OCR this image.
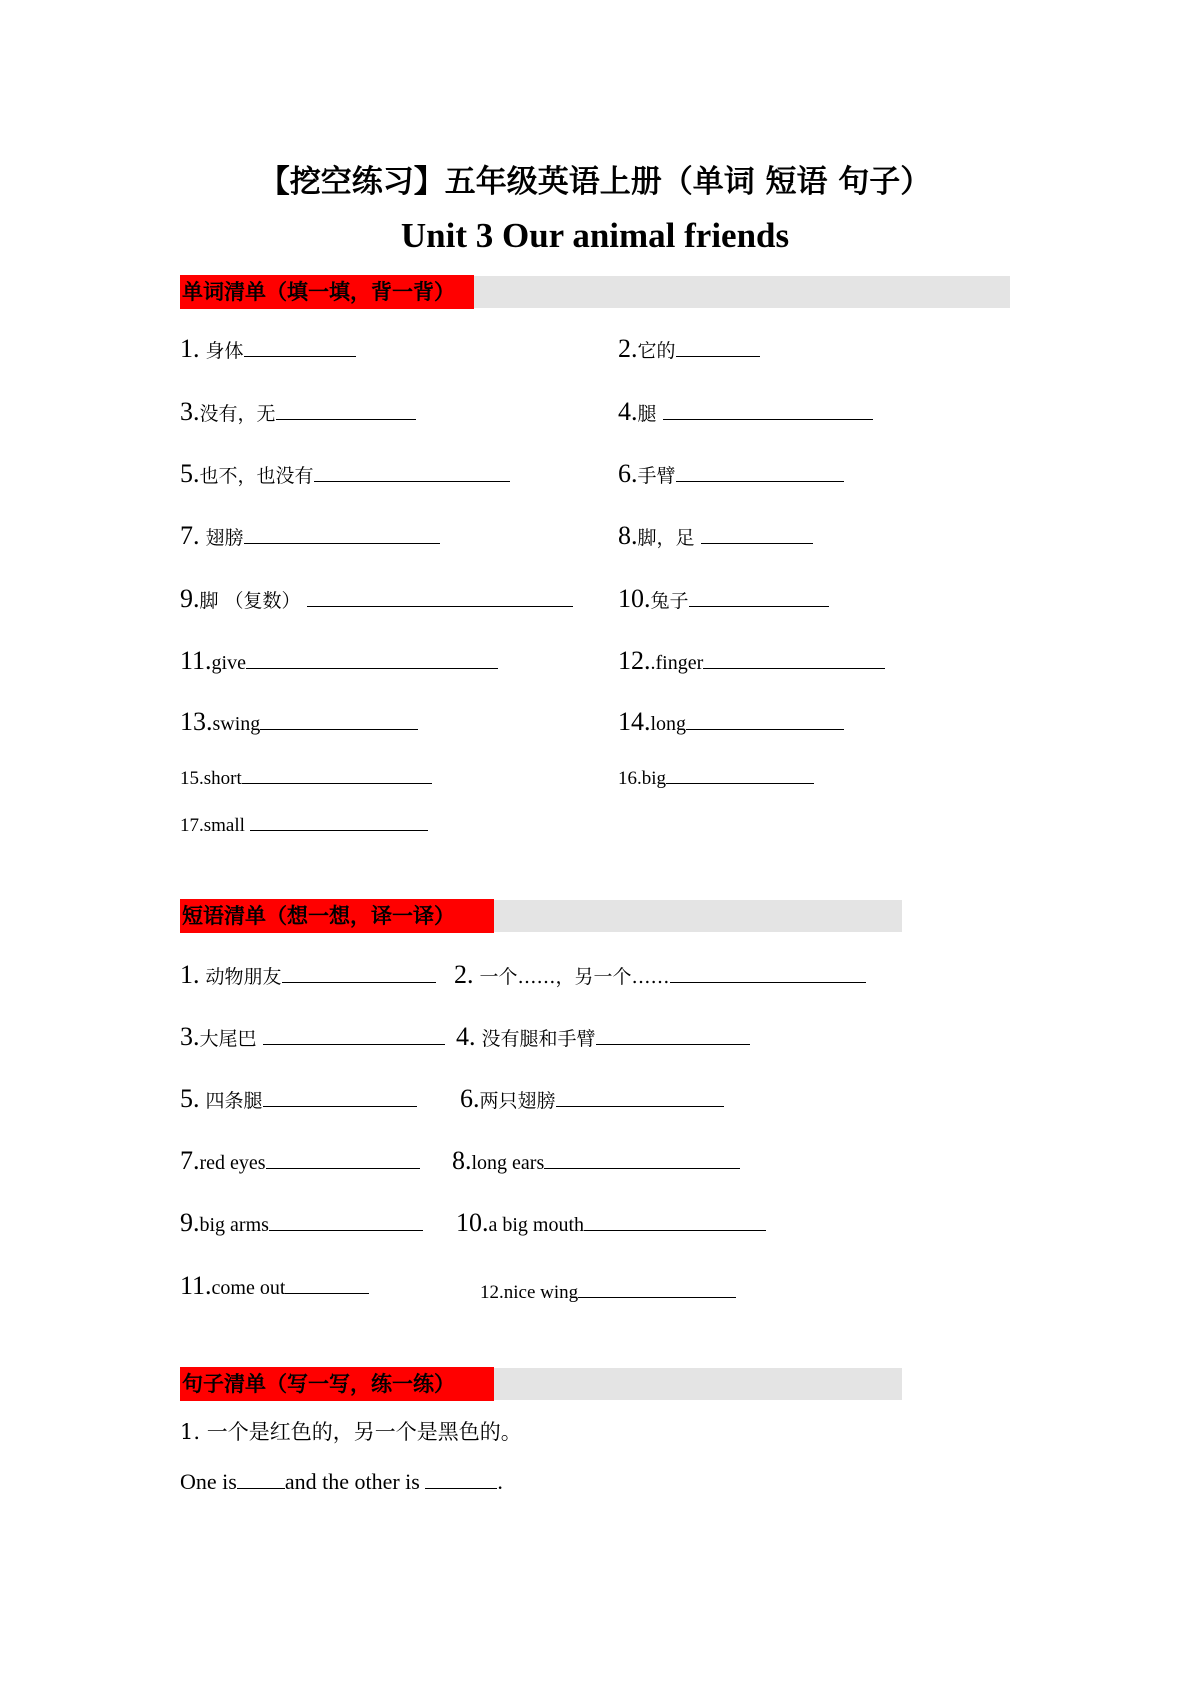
【挖空练习】五年级英语上册（单词 短语 句子）
Unit 3 Our animal friends
单词清单（填一填，背一背）
1. 身体	2.它的
3.没有，无	4.腿
5.也不，也没有	6.手臂
7. 翅膀	8.脚，足
9.脚 （复数）	10.兔子
11.give	12..finger
13.swing	14.long
15.short	16.big
17.small
短语清单（想一想，译一译）
1. 动物朋友	2. 一个……，另一个……
3.大尾巴	4. 没有腿和手臂
5. 四条腿	6.两只翅膀
7.red eyes	8.long ears
9.big arms	10.a big mouth
11.come out	12.nice wing
句子清单（写一写，练一练）
1. 一个是红色的，另一个是黑色的。
One is and the other is	.
